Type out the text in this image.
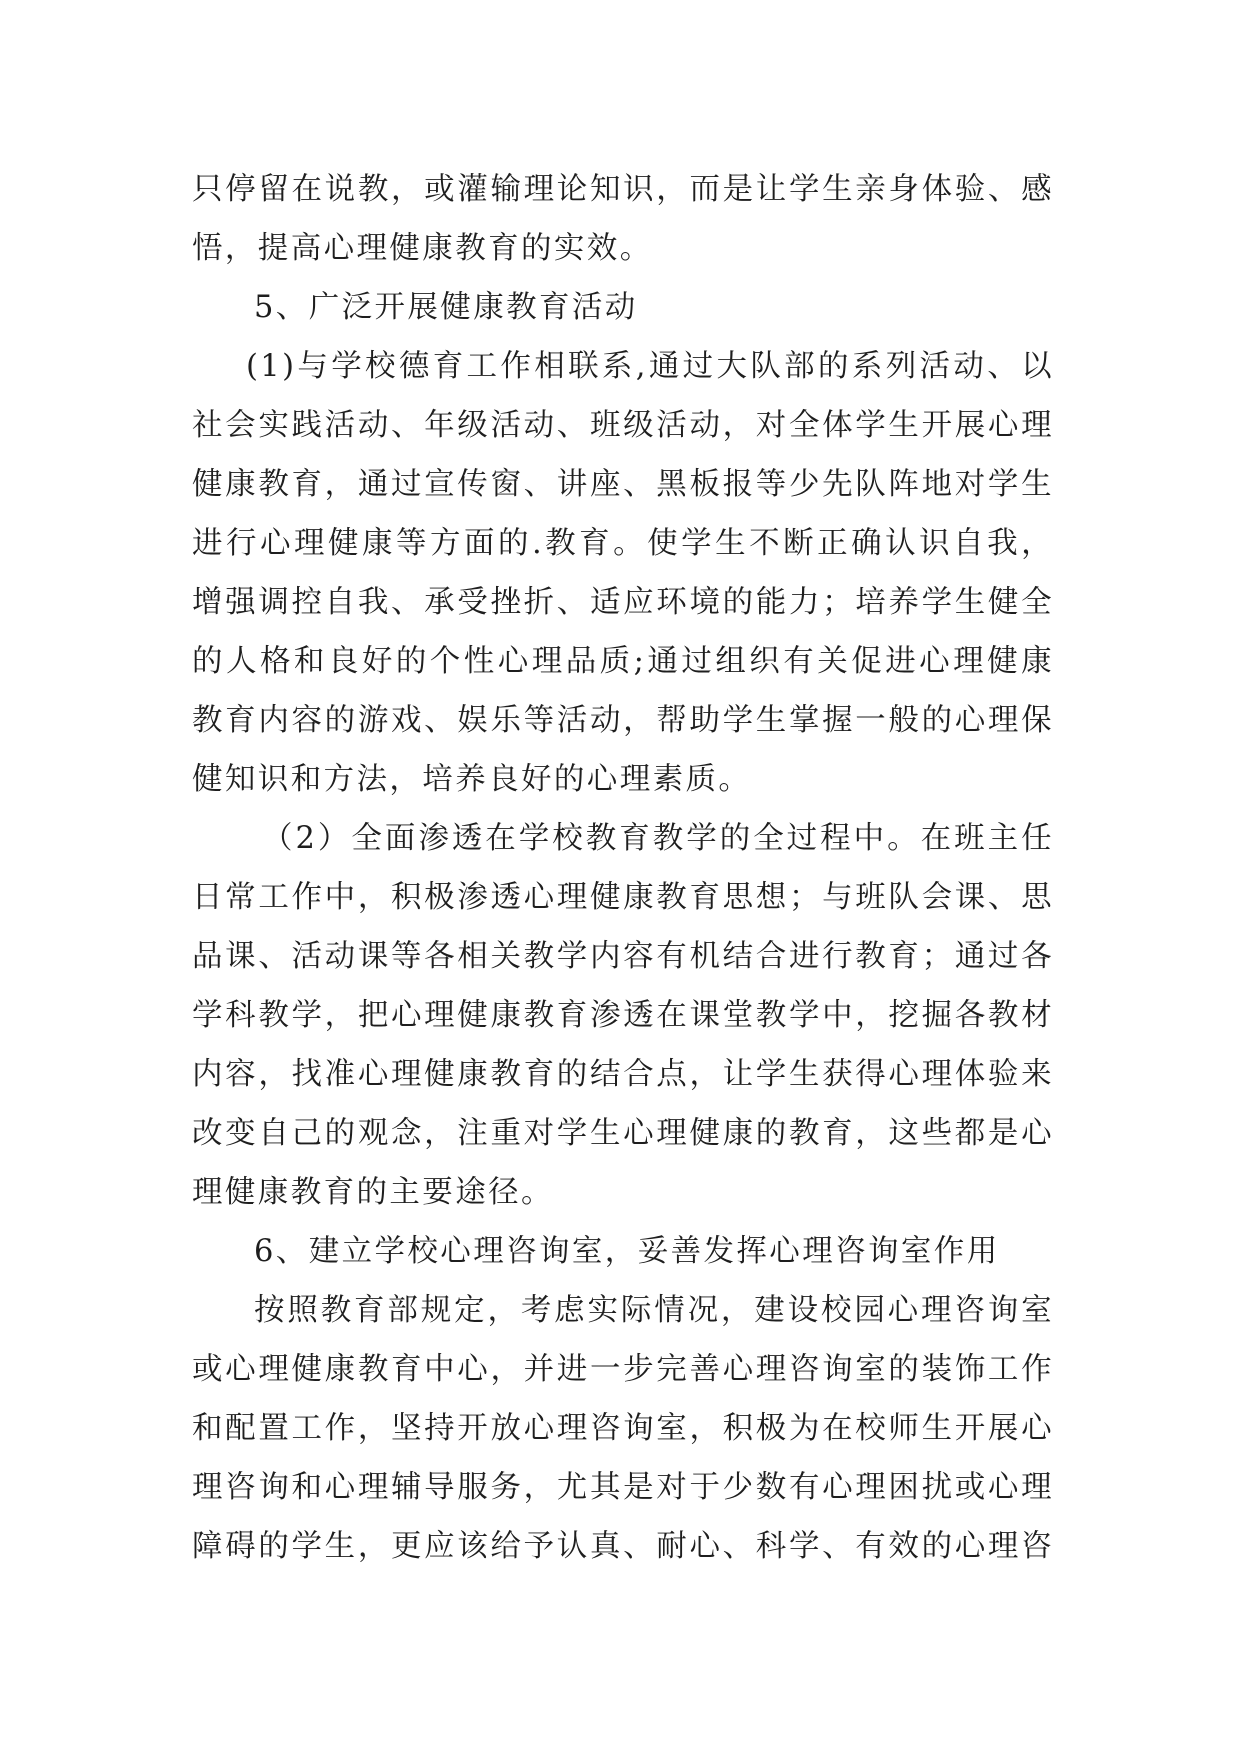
只停留在说教，或灌输理论知识，而是让学生亲身体验、感
悟，提高心理健康教育的实效。
5、广泛开展健康教育活动
(1)与学校德育工作相联系,通过大队部的系列活动、以
社会实践活动、年级活动、班级活动，对全体学生开展心理
健康教育，通过宣传窗、讲座、黑板报等少先队阵地对学生
进行心理健康等方面的.教育。使学生不断正确认识自我，
增强调控自我、承受挫折、适应环境的能力；培养学生健全
的人格和良好的个性心理品质;通过组织有关促进心理健康
教育内容的游戏、娱乐等活动，帮助学生掌握一般的心理保
健知识和方法，培养良好的心理素质。
（2）全面渗透在学校教育教学的全过程中。在班主任
日常工作中，积极渗透心理健康教育思想；与班队会课、思
品课、活动课等各相关教学内容有机结合进行教育；通过各
学科教学，把心理健康教育渗透在课堂教学中，挖掘各教材
内容，找准心理健康教育的结合点，让学生获得心理体验来
改变自己的观念，注重对学生心理健康的教育，这些都是心
理健康教育的主要途径。
6、建立学校心理咨询室，妥善发挥心理咨询室作用
按照教育部规定，考虑实际情况，建设校园心理咨询室
或心理健康教育中心，并进一步完善心理咨询室的装饰工作
和配置工作，坚持开放心理咨询室，积极为在校师生开展心
理咨询和心理辅导服务，尤其是对于少数有心理困扰或心理
障碍的学生，更应该给予认真、耐心、科学、有效的心理咨
